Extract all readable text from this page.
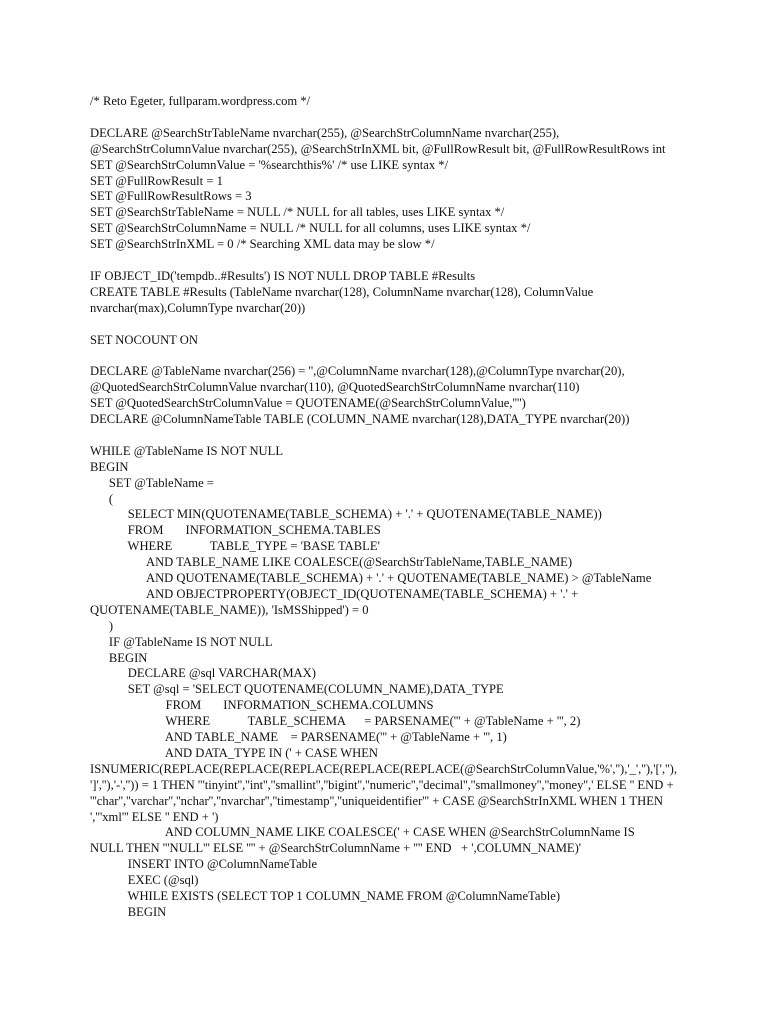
/* Reto Egeter, fullparam.wordpress.com */
DECLARE @SearchStrTableName nvarchar(255), @SearchStrColumnName nvarchar(255),
@SearchStrColumnValue nvarchar(255), @SearchStrInXML bit, @FullRowResult bit, @FullRowResultRows int
SET @SearchStrColumnValue = '%searchthis%' /* use LIKE syntax */
SET @FullRowResult = 1
SET @FullRowResultRows = 3
SET @SearchStrTableName = NULL /* NULL for all tables, uses LIKE syntax */
SET @SearchStrColumnName = NULL /* NULL for all columns, uses LIKE syntax */
SET @SearchStrInXML = 0 /* Searching XML data may be slow */
IF OBJECT_ID('tempdb..#Results') IS NOT NULL DROP TABLE #Results
CREATE TABLE #Results (TableName nvarchar(128), ColumnName nvarchar(128), ColumnValue
nvarchar(max),ColumnType nvarchar(20))
SET NOCOUNT ON
DECLARE @TableName nvarchar(256) = '',@ColumnName nvarchar(128),@ColumnType nvarchar(20),
@QuotedSearchStrColumnValue nvarchar(110), @QuotedSearchStrColumnName nvarchar(110)
SET @QuotedSearchStrColumnValue = QUOTENAME(@SearchStrColumnValue,'''')
DECLARE @ColumnNameTable TABLE (COLUMN_NAME nvarchar(128),DATA_TYPE nvarchar(20))
WHILE @TableName IS NOT NULL
BEGIN
SET @TableName =
(
SELECT MIN(QUOTENAME(TABLE_SCHEMA) + '.' + QUOTENAME(TABLE_NAME))
FROM       INFORMATION_SCHEMA.TABLES
WHERE            TABLE_TYPE = 'BASE TABLE'
AND TABLE_NAME LIKE COALESCE(@SearchStrTableName,TABLE_NAME)
AND QUOTENAME(TABLE_SCHEMA) + '.' + QUOTENAME(TABLE_NAME) > @TableName
AND OBJECTPROPERTY(OBJECT_ID(QUOTENAME(TABLE_SCHEMA) + '.' +
QUOTENAME(TABLE_NAME)), 'IsMSShipped') = 0
)
IF @TableName IS NOT NULL
BEGIN
DECLARE @sql VARCHAR(MAX)
SET @sql = 'SELECT QUOTENAME(COLUMN_NAME),DATA_TYPE
FROM       INFORMATION_SCHEMA.COLUMNS
WHERE            TABLE_SCHEMA      = PARSENAME(''' + @TableName + ''', 2)
AND TABLE_NAME    = PARSENAME(''' + @TableName + ''', 1)
AND DATA_TYPE IN (' + CASE WHEN
ISNUMERIC(REPLACE(REPLACE(REPLACE(REPLACE(REPLACE(@SearchStrColumnValue,'%',''),'_',''),'[',''),
']',''),'-','')) = 1 THEN '''tinyint'',''int'',''smallint'',''bigint'',''numeric'',''decimal'',''smallmoney'',''money'',' ELSE '' END +
'''char'',''varchar'',''nchar'',''nvarchar'',''timestamp'',''uniqueidentifier''' + CASE @SearchStrInXML WHEN 1 THEN
','''xml''' ELSE '' END + ')
AND COLUMN_NAME LIKE COALESCE(' + CASE WHEN @SearchStrColumnName IS
NULL THEN '''NULL''' ELSE '''' + @SearchStrColumnName + '''' END   + ',COLUMN_NAME)'
INSERT INTO @ColumnNameTable
EXEC (@sql)
WHILE EXISTS (SELECT TOP 1 COLUMN_NAME FROM @ColumnNameTable)
BEGIN
